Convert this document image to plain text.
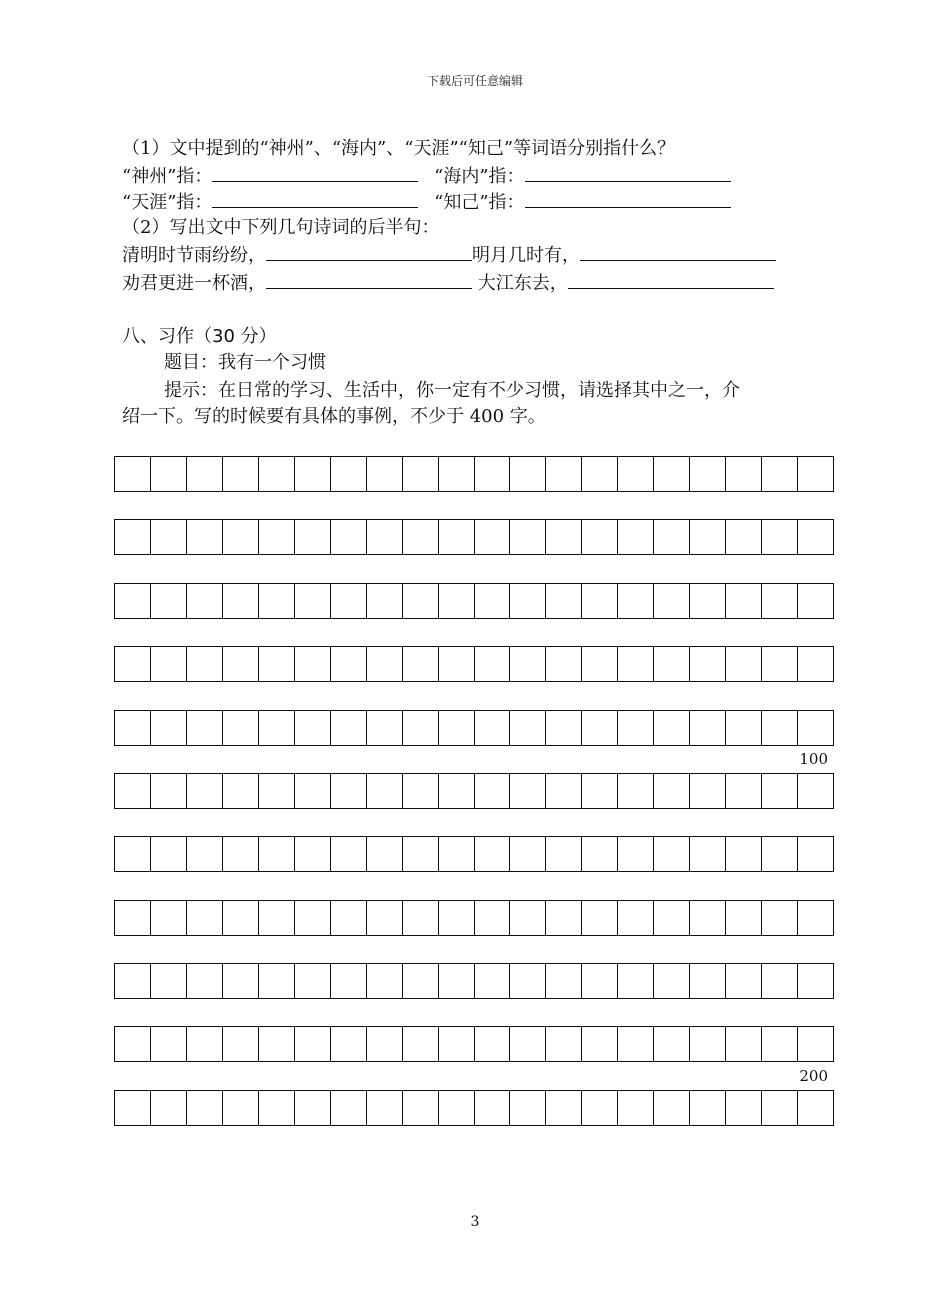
下载后可任意编辑
（1）文中提到的“神州”、“海内”、“天涯”“知己”等词语分别指什么？
“神州”指：	“海内”指：
“天涯”指：	“知己”指：
（2）写出文中下列几句诗词的后半句：
清明时节雨纷纷，	明月几时有，
劝君更进一杯酒，	大江东去，
八、习作（30 分）
题目：我有一个习惯
提示：在日常的学习、生活中，你一定有不少习惯，请选择其中之一，介
绍一下。写的时候要有具体的事例，不少于 400 字。
100
200
3
